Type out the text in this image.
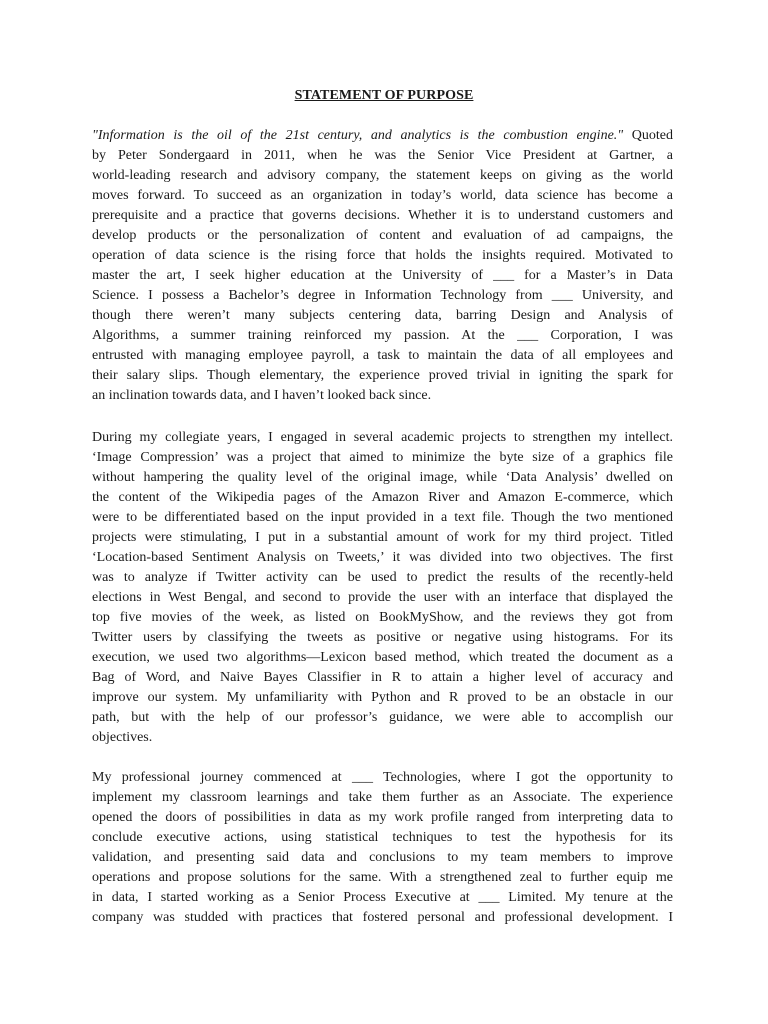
STATEMENT OF PURPOSE
"Information is the oil of the 21st century, and analytics is the combustion engine." Quoted
by Peter Sondergaard in 2011, when he was the Senior Vice President at Gartner, a
world-leading research and advisory company, the statement keeps on giving as the world
moves forward. To succeed as an organization in today’s world, data science has become a
prerequisite and a practice that governs decisions. Whether it is to understand customers and
develop products or the personalization of content and evaluation of ad campaigns, the
operation of data science is the rising force that holds the insights required. Motivated to
master the art, I seek higher education at the University of ___ for a Master’s in Data
Science. I possess a Bachelor’s degree in Information Technology from ___ University, and
though there weren’t many subjects centering data, barring Design and Analysis of
Algorithms, a summer training reinforced my passion. At the ___ Corporation, I was
entrusted with managing employee payroll, a task to maintain the data of all employees and
their salary slips. Though elementary, the experience proved trivial in igniting the spark for
an inclination towards data, and I haven’t looked back since.
During my collegiate years, I engaged in several academic projects to strengthen my intellect.
‘Image Compression’ was a project that aimed to minimize the byte size of a graphics file
without hampering the quality level of the original image, while ‘Data Analysis’ dwelled on
the content of the Wikipedia pages of the Amazon River and Amazon E-commerce, which
were to be differentiated based on the input provided in a text file. Though the two mentioned
projects were stimulating, I put in a substantial amount of work for my third project. Titled
‘Location-based Sentiment Analysis on Tweets,’ it was divided into two objectives. The first
was to analyze if Twitter activity can be used to predict the results of the recently-held
elections in West Bengal, and second to provide the user with an interface that displayed the
top five movies of the week, as listed on BookMyShow, and the reviews they got from
Twitter users by classifying the tweets as positive or negative using histograms. For its
execution, we used two algorithms—Lexicon based method, which treated the document as a
Bag of Word, and Naive Bayes Classifier in R to attain a higher level of accuracy and
improve our system. My unfamiliarity with Python and R proved to be an obstacle in our
path, but with the help of our professor’s guidance, we were able to accomplish our
objectives.
My professional journey commenced at ___ Technologies, where I got the opportunity to
implement my classroom learnings and take them further as an Associate. The experience
opened the doors of possibilities in data as my work profile ranged from interpreting data to
conclude executive actions, using statistical techniques to test the hypothesis for its
validation, and presenting said data and conclusions to my team members to improve
operations and propose solutions for the same. With a strengthened zeal to further equip me
in data, I started working as a Senior Process Executive at ___ Limited. My tenure at the
company was studded with practices that fostered personal and professional development. I
